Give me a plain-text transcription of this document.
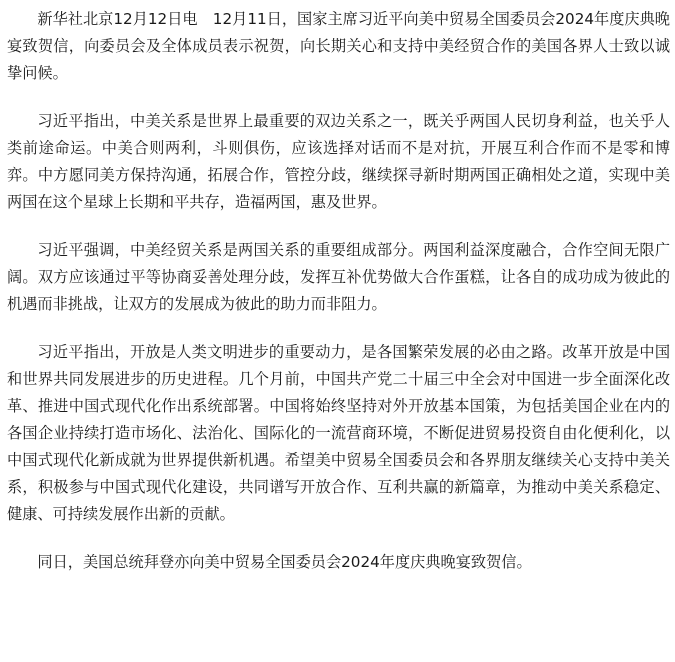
新华社北京12月12日电　12月11日，国家主席习近平向美中贸易全国委员会2024年度庆典晚宴致贺信，向委员会及全体成员表示祝贺，向长期关心和支持中美经贸合作的美国各界人士致以诚挚问候。

习近平指出，中美关系是世界上最重要的双边关系之一，既关乎两国人民切身利益，也关乎人类前途命运。中美合则两利，斗则俱伤，应该选择对话而不是对抗，开展互利合作而不是零和博弈。中方愿同美方保持沟通，拓展合作，管控分歧，继续探寻新时期两国正确相处之道，实现中美两国在这个星球上长期和平共存，造福两国，惠及世界。

习近平强调，中美经贸关系是两国关系的重要组成部分。两国利益深度融合，合作空间无限广阔。双方应该通过平等协商妥善处理分歧，发挥互补优势做大合作蛋糕，让各自的成功成为彼此的机遇而非挑战，让双方的发展成为彼此的助力而非阻力。

习近平指出，开放是人类文明进步的重要动力，是各国繁荣发展的必由之路。改革开放是中国和世界共同发展进步的历史进程。几个月前，中国共产党二十届三中全会对中国进一步全面深化改革、推进中国式现代化作出系统部署。中国将始终坚持对外开放基本国策，为包括美国企业在内的各国企业持续打造市场化、法治化、国际化的一流营商环境，不断促进贸易投资自由化便利化，以中国式现代化新成就为世界提供新机遇。希望美中贸易全国委员会和各界朋友继续关心支持中美关系，积极参与中国式现代化建设，共同谱写开放合作、互利共赢的新篇章，为推动中美关系稳定、健康、可持续发展作出新的贡献。

同日，美国总统拜登亦向美中贸易全国委员会2024年度庆典晚宴致贺信。
